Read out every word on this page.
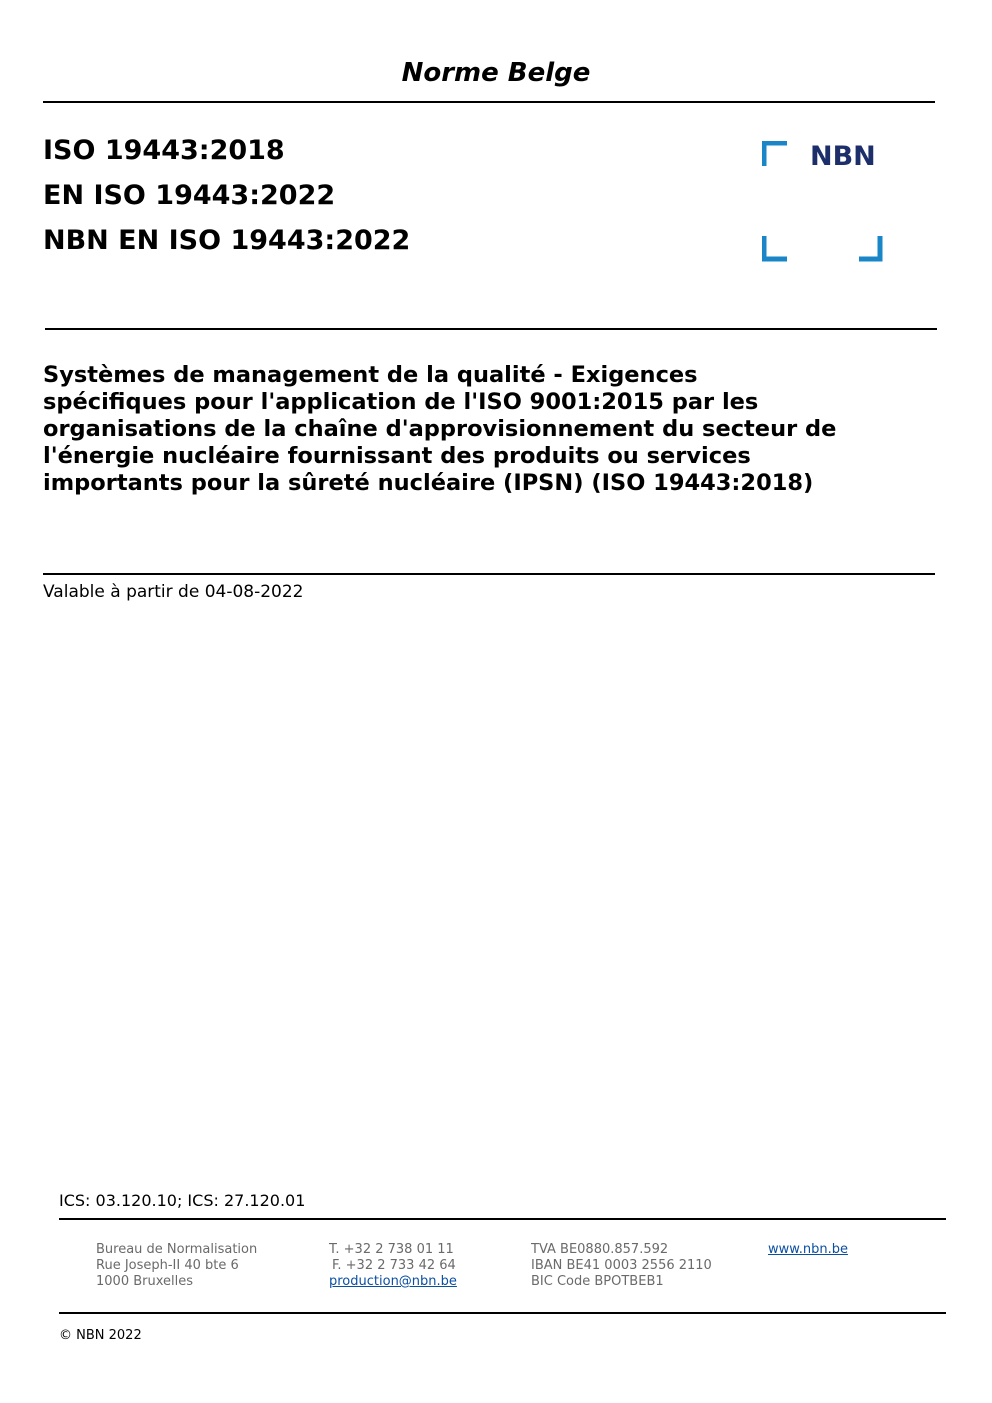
Norme Belge
ISO 19443:2018
EN ISO 19443:2022
NBN EN ISO 19443:2022
NBN
Systèmes de management de la qualité - Exigences
spécifiques pour l'application de l'ISO 9001:2015 par les
organisations de la chaîne d'approvisionnement du secteur de
l'énergie nucléaire fournissant des produits ou services
importants pour la sûreté nucléaire (IPSN) (ISO 19443:2018)
Valable à partir de 04-08-2022
ICS: 03.120.10; ICS: 27.120.01
Bureau de Normalisation
Rue Joseph-II 40 bte 6
1000 Bruxelles
T. +32 2 738 01 11
F. +32 2 733 42 64
production@nbn.be
TVA BE0880.857.592
IBAN BE41 0003 2556 2110
BIC Code BPOTBEB1
www.nbn.be
© NBN 2022
